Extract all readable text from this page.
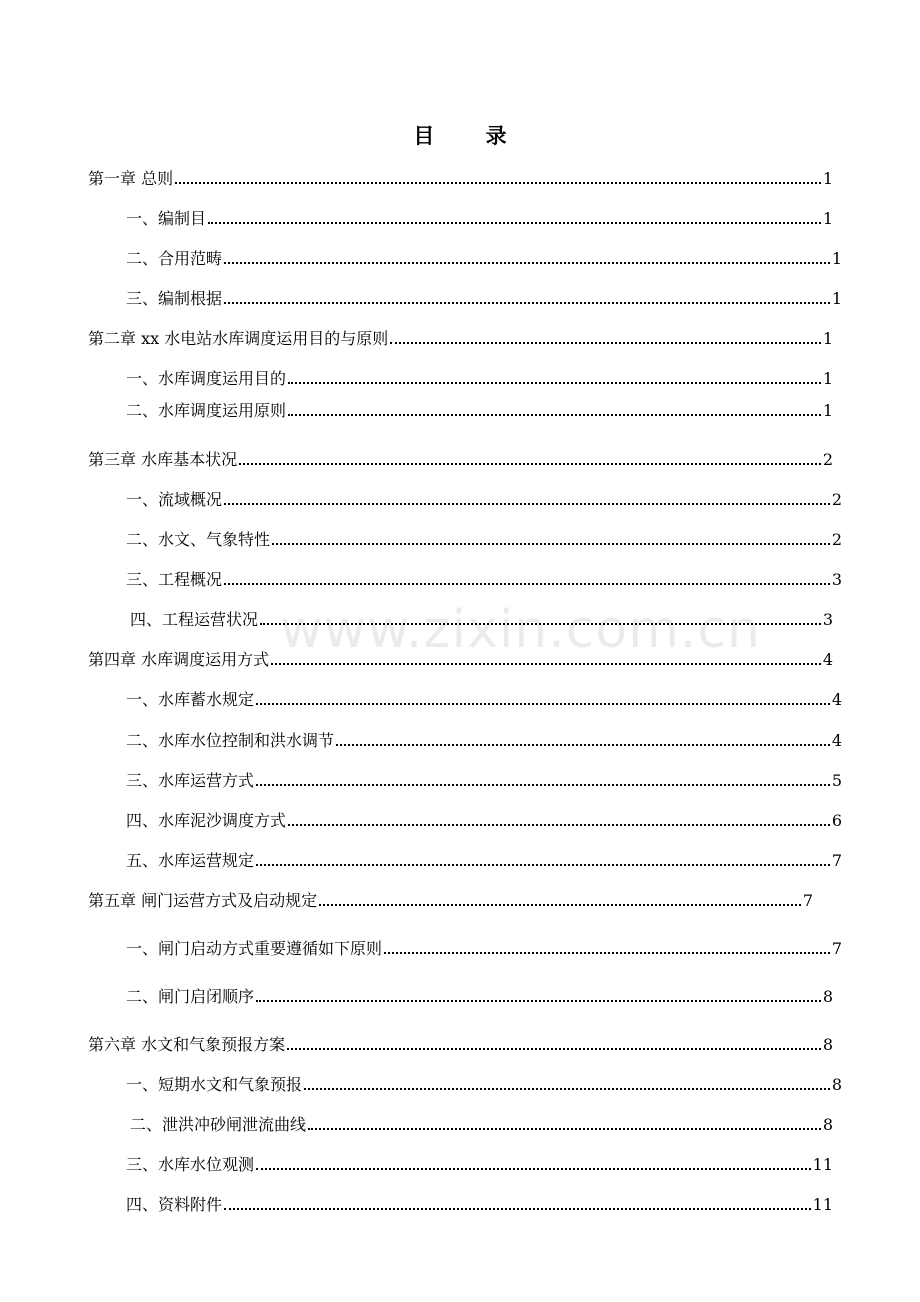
目 录
www.zixin.com.cn
第一章 总则	1
一、编制目	1
二、合用范畴	1
三、编制根据	1
第二章 xx 水电站水库调度运用目的与原则	1
一、水库调度运用目的	1
二、水库调度运用原则	1
第三章 水库基本状况	2
一、流域概况	2
二、水文、气象特性	2
三、工程概况	3
四、工程运营状况	3
第四章 水库调度运用方式	4
一、水库蓄水规定	4
二、水库水位控制和洪水调节	4
三、水库运营方式	5
四、水库泥沙调度方式	6
五、水库运营规定	7
第五章 闸门运营方式及启动规定	7
一、闸门启动方式重要遵循如下原则	7
二、闸门启闭顺序	8
第六章 水文和气象预报方案	8
一、短期水文和气象预报	8
二、泄洪冲砂闸泄流曲线	8
三、水库水位观测	11
四、资料附件	11
